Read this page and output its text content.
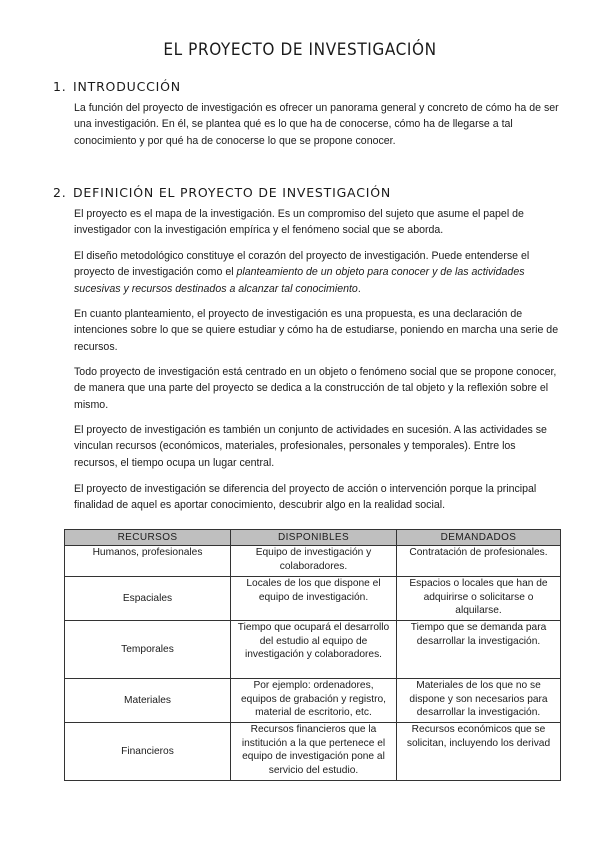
EL PROYECTO DE INVESTIGACIÓN
1. INTRODUCCIÓN

La función del proyecto de investigación es ofrecer un panorama general y concreto de cómo ha de ser una investigación. En él, se plantea qué es lo que ha de conocerse, cómo ha de llegarse a tal conocimiento y por qué ha de conocerse lo que se propone conocer.

2. DEFINICIÓN EL PROYECTO DE INVESTIGACIÓN

El proyecto es el mapa de la investigación. Es un compromiso del sujeto que asume el papel de investigador con la investigación empírica y el fenómeno social que se aborda.

El diseño metodológico constituye el corazón del proyecto de investigación. Puede entenderse el proyecto de investigación como el planteamiento de un objeto para conocer y de las actividades sucesivas y recursos destinados a alcanzar tal conocimiento.

En cuanto planteamiento, el proyecto de investigación es una propuesta, es una declaración de intenciones sobre lo que se quiere estudiar y cómo ha de estudiarse, poniendo en marcha una serie de recursos.

Todo proyecto de investigación está centrado en un objeto o fenómeno social que se propone conocer, de manera que una parte del proyecto se dedica a la construcción de tal objeto y la reflexión sobre el mismo.

El proyecto de investigación es también un conjunto de actividades en sucesión. A las actividades se vinculan recursos (económicos, materiales, profesionales, personales y temporales). Entre los recursos, el tiempo ocupa un lugar central.

El proyecto de investigación se diferencia del proyecto de acción o intervención porque la principal finalidad de aquel es aportar conocimiento, descubrir algo en la realidad social.

RECURSOS	DISPONIBLES	DEMANDADOS
Humanos, profesionales	Equipo de investigación y colaboradores.	Contratación de profesionales.
Espaciales	Locales de los que dispone el equipo de investigación.	Espacios o locales que han de adquirirse o solicitarse o alquilarse.
Temporales	Tiempo que ocupará el desarrollo del estudio al equipo de investigación y colaboradores.	Tiempo que se demanda para desarrollar la investigación.
Materiales	Por ejemplo: ordenadores, equipos de grabación y registro, material de escritorio, etc.	Materiales de los que no se dispone y son necesarios para desarrollar la investigación.
Financieros	Recursos financieros que la institución a la que pertenece el equipo de investigación pone al servicio del estudio.	Recursos económicos que se solicitan, incluyendo los derivad
